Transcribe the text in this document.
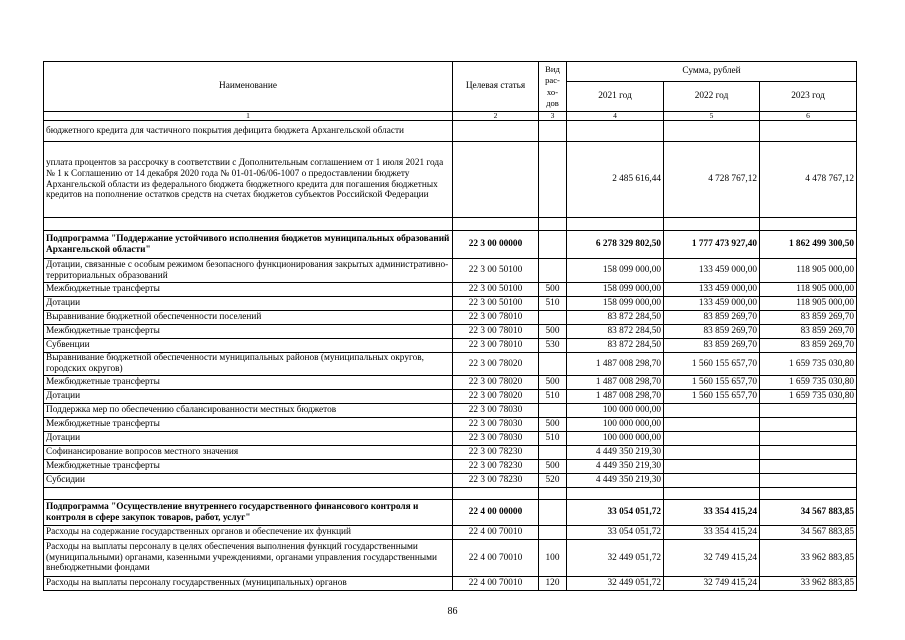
Наименование	Целевая статья	Вид рас-хо-дов	Сумма, рублей		
			2021 год	2022 год	2023 год
1	2	3	4	5	6
бюджетного кредита для частичного покрытия дефицита бюджета Архангельской области					
уплата процентов за рассрочку в соответствии с Дополнительным соглашением от 1 июля 2021 года № 1 к Соглашению от 14 декабря 2020 года № 01-01-06/06-1007 о предоставлении бюджету Архангельской области из федерального бюджета бюджетного кредита для погашения бюджетных кредитов на пополнение остатков средств на счетах бюджетов субъектов Российской Федерации			2 485 616,44	4 728 767,12	4 478 767,12

Подпрограмма "Поддержание устойчивого исполнения бюджетов муниципальных образований Архангельской области"	22 3 00 00000		6 278 329 802,50	1 777 473 927,40	1 862 499 300,50
Дотации, связанные с особым режимом безопасного функционирования закрытых административно-территориальных образований	22 3 00 50100		158 099 000,00	133 459 000,00	118 905 000,00
Межбюджетные трансферты	22 3 00 50100	500	158 099 000,00	133 459 000,00	118 905 000,00
Дотации	22 3 00 50100	510	158 099 000,00	133 459 000,00	118 905 000,00
Выравнивание бюджетной обеспеченности поселений	22 3 00 78010		83 872 284,50	83 859 269,70	83 859 269,70
Межбюджетные трансферты	22 3 00 78010	500	83 872 284,50	83 859 269,70	83 859 269,70
Субвенции	22 3 00 78010	530	83 872 284,50	83 859 269,70	83 859 269,70
Выравнивание бюджетной обеспеченности муниципальных районов (муниципальных округов, городских округов)	22 3 00 78020		1 487 008 298,70	1 560 155 657,70	1 659 735 030,80
Межбюджетные трансферты	22 3 00 78020	500	1 487 008 298,70	1 560 155 657,70	1 659 735 030,80
Дотации	22 3 00 78020	510	1 487 008 298,70	1 560 155 657,70	1 659 735 030,80
Поддержка мер по обеспечению сбалансированности местных бюджетов	22 3 00 78030		100 000 000,00		
Межбюджетные трансферты	22 3 00 78030	500	100 000 000,00		
Дотации	22 3 00 78030	510	100 000 000,00		
Софинансирование вопросов местного значения	22 3 00 78230		4 449 350 219,30		
Межбюджетные трансферты	22 3 00 78230	500	4 449 350 219,30		
Субсидии	22 3 00 78230	520	4 449 350 219,30		

Подпрограмма "Осуществление внутреннего государственного финансового контроля и контроля в сфере закупок товаров, работ, услуг"	22 4 00 00000		33 054 051,72	33 354 415,24	34 567 883,85
Расходы на содержание государственных органов и обеспечение их функций	22 4 00 70010		33 054 051,72	33 354 415,24	34 567 883,85
Расходы на выплаты персоналу в целях обеспечения выполнения функций государственными (муниципальными) органами, казенными учреждениями, органами управления государственными внебюджетными фондами	22 4 00 70010	100	32 449 051,72	32 749 415,24	33 962 883,85
Расходы на выплаты персоналу государственных (муниципальных) органов	22 4 00 70010	120	32 449 051,72	32 749 415,24	33 962 883,85
86
